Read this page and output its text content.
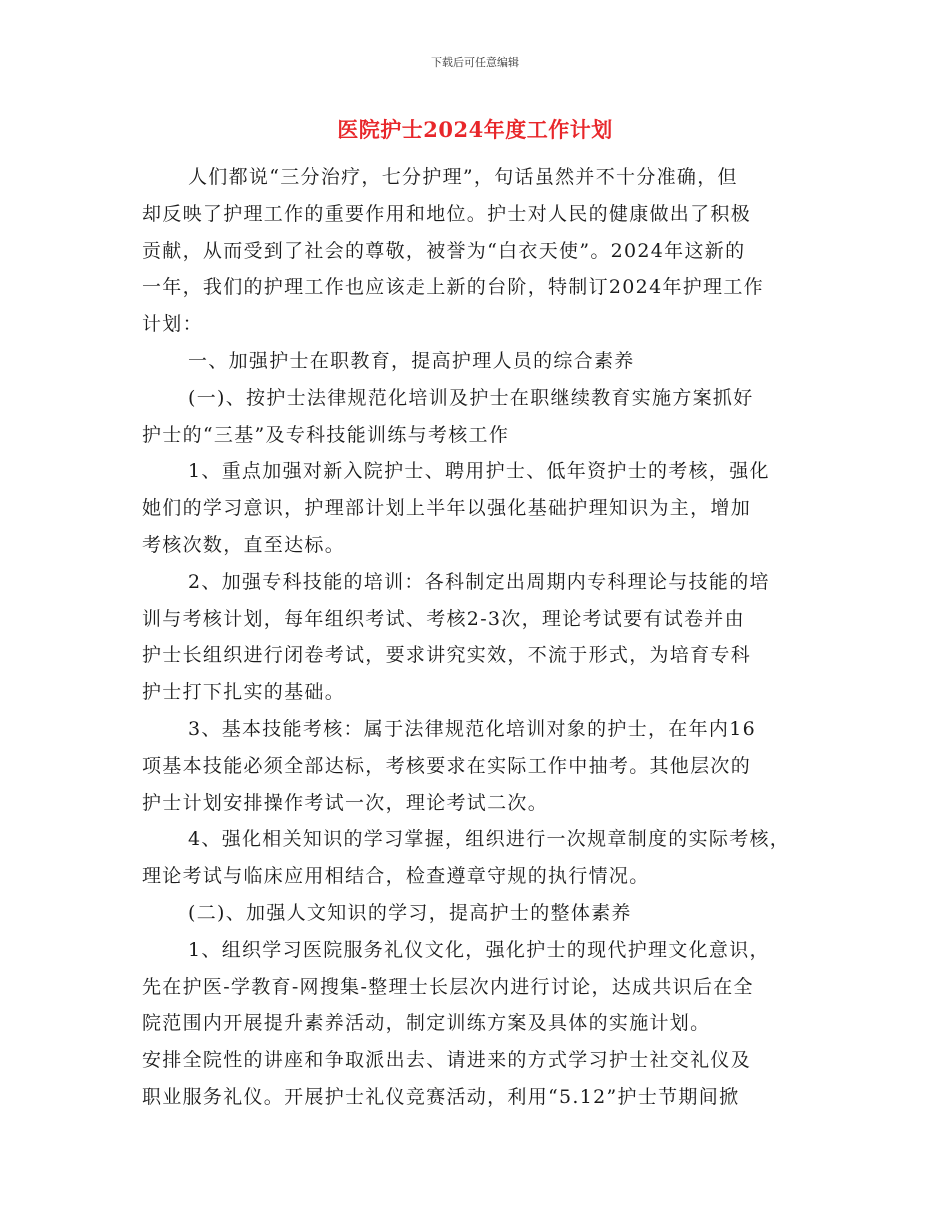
下载后可任意编辑
医院护士2024年度工作计划
人们都说“三分治疗，七分护理”，句话虽然并不十分准确，但
却反映了护理工作的重要作用和地位。护士对人民的健康做出了积极
贡献，从而受到了社会的尊敬，被誉为“白衣天使”。2024年这新的
一年，我们的护理工作也应该走上新的台阶，特制订2024年护理工作
计划：
一、加强护士在职教育，提高护理人员的综合素养
(一)、按护士法律规范化培训及护士在职继续教育实施方案抓好
护士的“三基”及专科技能训练与考核工作
1、重点加强对新入院护士、聘用护士、低年资护士的考核，强化
她们的学习意识，护理部计划上半年以强化基础护理知识为主，增加
考核次数，直至达标。
2、加强专科技能的培训：各科制定出周期内专科理论与技能的培
训与考核计划，每年组织考试、考核2-3次，理论考试要有试卷并由
护士长组织进行闭卷考试，要求讲究实效，不流于形式，为培育专科
护士打下扎实的基础。
3、基本技能考核：属于法律规范化培训对象的护士，在年内16
项基本技能必须全部达标，考核要求在实际工作中抽考。其他层次的
护士计划安排操作考试一次，理论考试二次。
4、强化相关知识的学习掌握，组织进行一次规章制度的实际考核，
理论考试与临床应用相结合，检查遵章守规的执行情况。
(二)、加强人文知识的学习，提高护士的整体素养
1、组织学习医院服务礼仪文化，强化护士的现代护理文化意识，
先在护医-学教育-网搜集-整理士长层次内进行讨论，达成共识后在全
院范围内开展提升素养活动，制定训练方案及具体的实施计划。
安排全院性的讲座和争取派出去、请进来的方式学习护士社交礼仪及
职业服务礼仪。开展护士礼仪竞赛活动，利用“5.12”护士节期间掀
